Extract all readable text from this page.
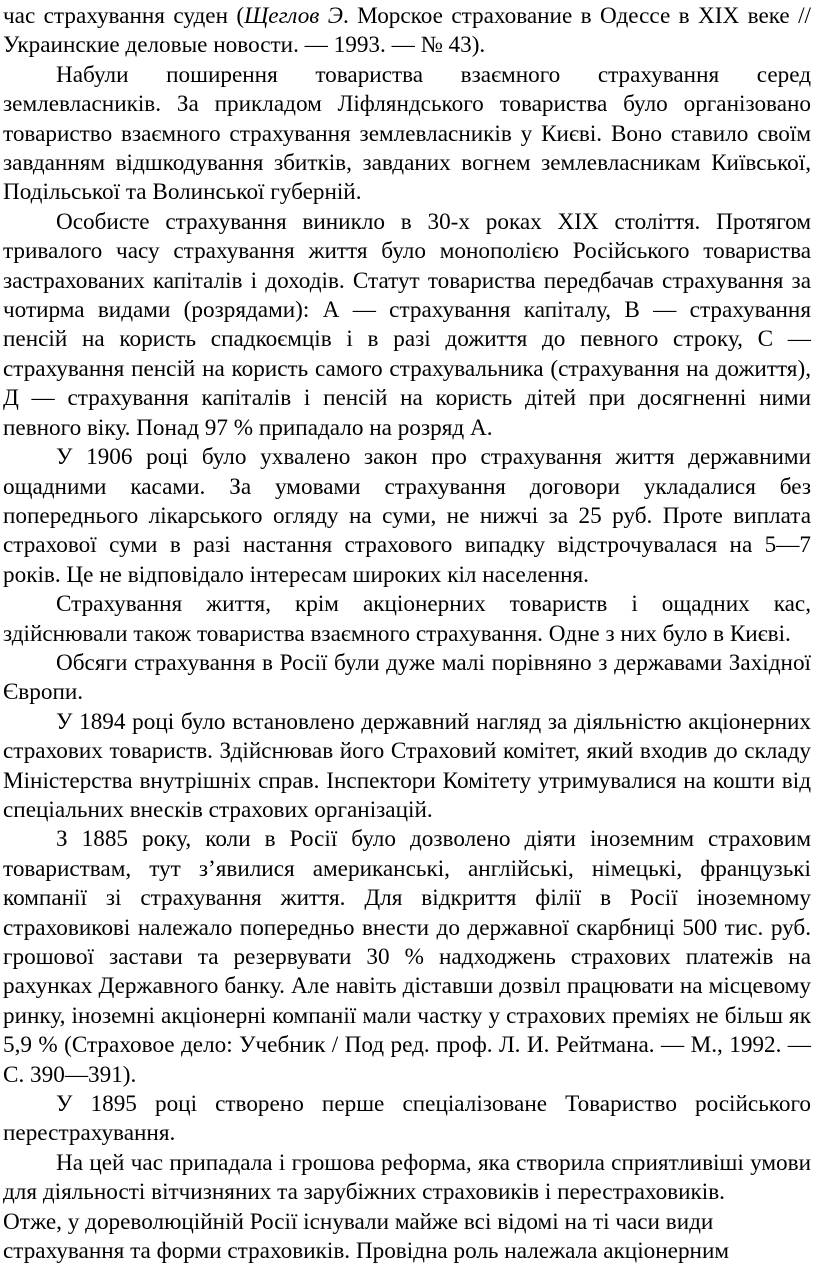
час страхування суден (Щеглов Э. Морское страхование в Одессе в XIX веке // Украинские деловые новости. — 1993. — № 43).

Набули поширення товариства взаємного страхування серед землевласників. За прикладом Ліфляндського товариства було організовано товариство взаємного страхування землевласників у Києві. Воно ставило своїм завданням відшкодування збитків, завданих вогнем землевласникам Київської, Подільської та Волинської губерній.

Особисте страхування виникло в 30-х роках XIX століття. Протягом тривалого часу страхування життя було монополією Російського товариства застрахованих капіталів і доходів. Статут товариства передбачав страхування за чотирма видами (розрядами): А — страхування капіталу, В — страхування пенсій на користь спадкоємців і в разі дожиття до певного строку, С — страхування пенсій на користь самого страхувальника (страхування на дожиття), Д — страхування капіталів і пенсій на користь дітей при досягненні ними певного віку. Понад 97 % припадало на розряд А.

У 1906 році було ухвалено закон про страхування життя державними ощадними касами. За умовами страхування договори укладалися без попереднього лікарського огляду на суми, не нижчі за 25 руб. Проте виплата страхової суми в разі настання страхового випадку відстрочувалася на 5—7 років. Це не відповідало інтересам широких кіл населення.

Страхування життя, крім акціонерних товариств і ощадних кас, здійснювали також товариства взаємного страхування. Одне з них було в Києві.

Обсяги страхування в Росії були дуже малі порівняно з державами Західної Європи.

У 1894 році було встановлено державний нагляд за діяльністю акціонерних страхових товариств. Здійснював його Страховий комітет, який входив до складу Міністерства внутрішніх справ. Інспектори Комітету утримувалися на кошти від спеціальних внесків страхових організацій.

З 1885 року, коли в Росії було дозволено діяти іноземним страховим товариствам, тут з’явилися американські, англійські, німецькі, французькі компанії зі страхування життя. Для відкриття філії в Росії іноземному страховикові належало попередньо внести до державної скарбниці 500 тис. руб. грошової застави та резервувати 30 % надходжень страхових платежів на рахунках Державного банку. Але навіть діставши дозвіл працювати на місцевому ринку, іноземні акціонерні компанії мали частку у страхових преміях не більш як 5,9 % (Страховое дело: Учебник / Под ред. проф. Л. И. Рейтмана. — М., 1992. — С. 390—391).

У 1895 році створено перше спеціалізоване Товариство російського перестрахування.

На цей час припадала і грошова реформа, яка створила сприятливіші умови для діяльності вітчизняних та зарубіжних страховиків і перестраховиків.

Отже, у дореволюційній Росії існували майже всі відомі на ті часи види страхування та форми страховиків. Провідна роль належала акціонерним
